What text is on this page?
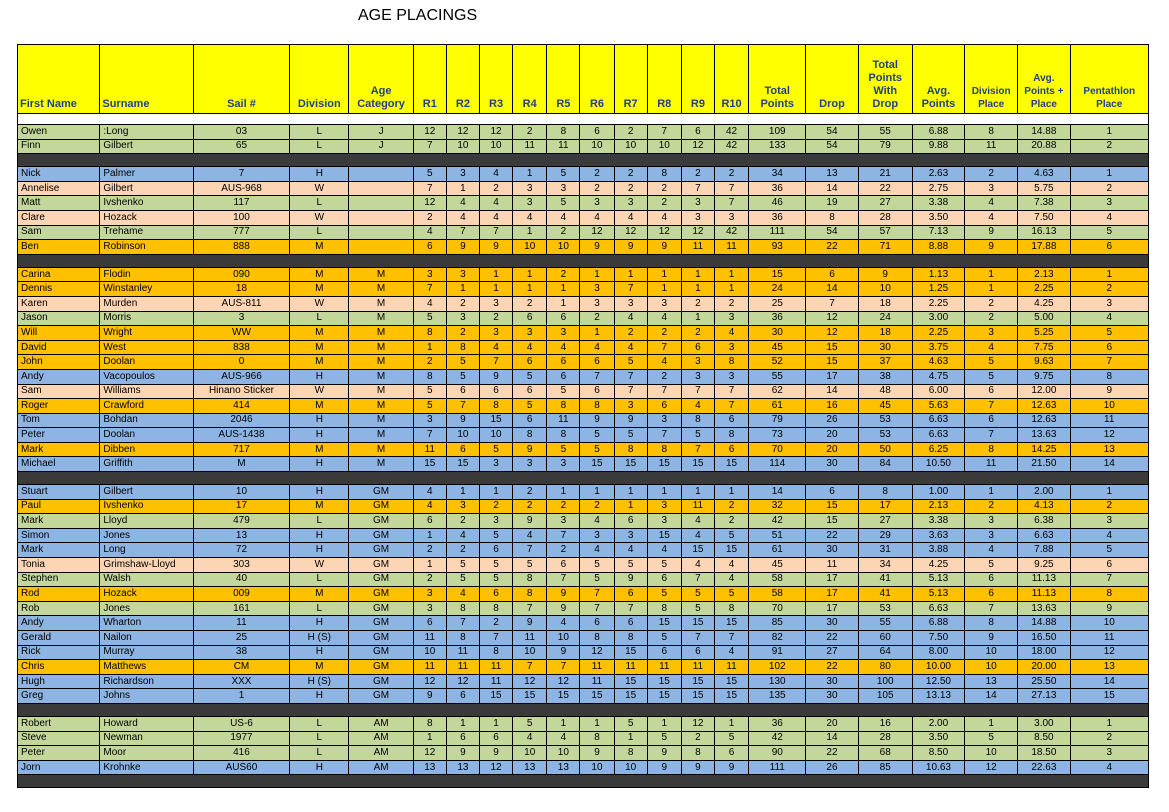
AGE PLACINGS
First Name	Surname	Sail #	Division	Age Category	R1	R2	R3	R4	R5	R6	R7	R8	R9	R10	Total Points	Drop	Total Points With Drop	Avg. Points	Division Place	Avg. Points + Place	Pentathlon Place

Owen	:Long	03	L	J	12	12	12	2	8	6	2	7	6	42	109	54	55	6.88	8	14.88	1
Finn	Gilbert	65	L	J	7	10	10	11	11	10	10	10	12	42	133	54	79	9.88	11	20.88	2

Nick	Palmer	7	H		5	3	4	1	5	2	2	8	2	2	34	13	21	2.63	2	4.63	1
Annelise	Gilbert	AUS-968	W		7	1	2	3	3	2	2	2	7	7	36	14	22	2.75	3	5.75	2
Matt	Ivshenko	117	L		12	4	4	3	5	3	3	2	3	7	46	19	27	3.38	4	7.38	3
Clare	Hozack	100	W		2	4	4	4	4	4	4	4	3	3	36	8	28	3.50	4	7.50	4
Sam	Trehame	777	L		4	7	7	1	2	12	12	12	12	42	111	54	57	7.13	9	16.13	5
Ben	Robinson	888	M		6	9	9	10	10	9	9	9	11	11	93	22	71	8.88	9	17.88	6

Carina	Flodin	090	M	M	3	3	1	1	2	1	1	1	1	1	15	6	9	1.13	1	2.13	1
Dennis	Winstanley	18	M	M	7	1	1	1	1	3	7	1	1	1	24	14	10	1.25	1	2.25	2
Karen	Murden	AUS-811	W	M	4	2	3	2	1	3	3	3	2	2	25	7	18	2.25	2	4.25	3
Jason	Morris	3	L	M	5	3	2	6	6	2	4	4	1	3	36	12	24	3.00	2	5.00	4
Will	Wright	WW	M	M	8	2	3	3	3	1	2	2	2	4	30	12	18	2.25	3	5.25	5
David	West	838	M	M	1	8	4	4	4	4	4	7	6	3	45	15	30	3.75	4	7.75	6
John	Doolan	0	M	M	2	5	7	6	6	6	5	4	3	8	52	15	37	4.63	5	9.63	7
Andy	Vacopoulos	AUS-966	H	M	8	5	9	5	6	7	7	2	3	3	55	17	38	4.75	5	9.75	8
Sam	Williams	Hinano Sticker	W	M	5	6	6	6	5	6	7	7	7	7	62	14	48	6.00	6	12.00	9
Roger	Crawford	414	M	M	5	7	8	5	8	8	3	6	4	7	61	16	45	5.63	7	12.63	10
Tom	Bohdan	2046	H	M	3	9	15	6	11	9	9	3	8	6	79	26	53	6.63	6	12.63	11
Peter	Doolan	AUS-1438	H	M	7	10	10	8	8	5	5	7	5	8	73	20	53	6.63	7	13.63	12
Mark	Dibben	717	M	M	11	6	5	9	5	5	8	8	7	6	70	20	50	6.25	8	14.25	13
Michael	Griffith	M	H	M	15	15	3	3	3	15	15	15	15	15	114	30	84	10.50	11	21.50	14

Stuart	Gilbert	10	H	GM	4	1	1	2	1	1	1	1	1	1	14	6	8	1.00	1	2.00	1
Paul	Ivshenko	17	M	GM	4	3	2	2	2	2	1	3	11	2	32	15	17	2.13	2	4.13	2
Mark	Lloyd	479	L	GM	6	2	3	9	3	4	6	3	4	2	42	15	27	3.38	3	6.38	3
Simon	Jones	13	H	GM	1	4	5	4	7	3	3	15	4	5	51	22	29	3.63	3	6.63	4
Mark	Long	72	H	GM	2	2	6	7	2	4	4	4	15	15	61	30	31	3.88	4	7.88	5
Tonia	Grimshaw-Lloyd	303	W	GM	1	5	5	5	6	5	5	5	4	4	45	11	34	4.25	5	9.25	6
Stephen	Walsh	40	L	GM	2	5	5	8	7	5	9	6	7	4	58	17	41	5.13	6	11.13	7
Rod	Hozack	009	M	GM	3	4	6	8	9	7	6	5	5	5	58	17	41	5.13	6	11.13	8
Rob	Jones	161	L	GM	3	8	8	7	9	7	7	8	5	8	70	17	53	6.63	7	13.63	9
Andy	Wharton	11	H	GM	6	7	2	9	4	6	6	15	15	15	85	30	55	6.88	8	14.88	10
Gerald	Nailon	25	H (S)	GM	11	8	7	11	10	8	8	5	7	7	82	22	60	7.50	9	16.50	11
Rick	Murray	38	H	GM	10	11	8	10	9	12	15	6	6	4	91	27	64	8.00	10	18.00	12
Chris	Matthews	CM	M	GM	11	11	11	7	7	11	11	11	11	11	102	22	80	10.00	10	20.00	13
Hugh	Richardson	XXX	H (S)	GM	12	12	11	12	12	11	15	15	15	15	130	30	100	12.50	13	25.50	14
Greg	Johns	1	H	GM	9	6	15	15	15	15	15	15	15	15	135	30	105	13.13	14	27.13	15

Robert	Howard	US-6	L	AM	8	1	1	5	1	1	5	1	12	1	36	20	16	2.00	1	3.00	1
Steve	Newman	1977	L	AM	1	6	6	4	4	8	1	5	2	5	42	14	28	3.50	5	8.50	2
Peter	Moor	416	L	AM	12	9	9	10	10	9	8	9	8	6	90	22	68	8.50	10	18.50	3
Jorn	Krohnke	AUS60	H	AM	13	13	12	13	13	10	10	9	9	9	111	26	85	10.63	12	22.63	4
